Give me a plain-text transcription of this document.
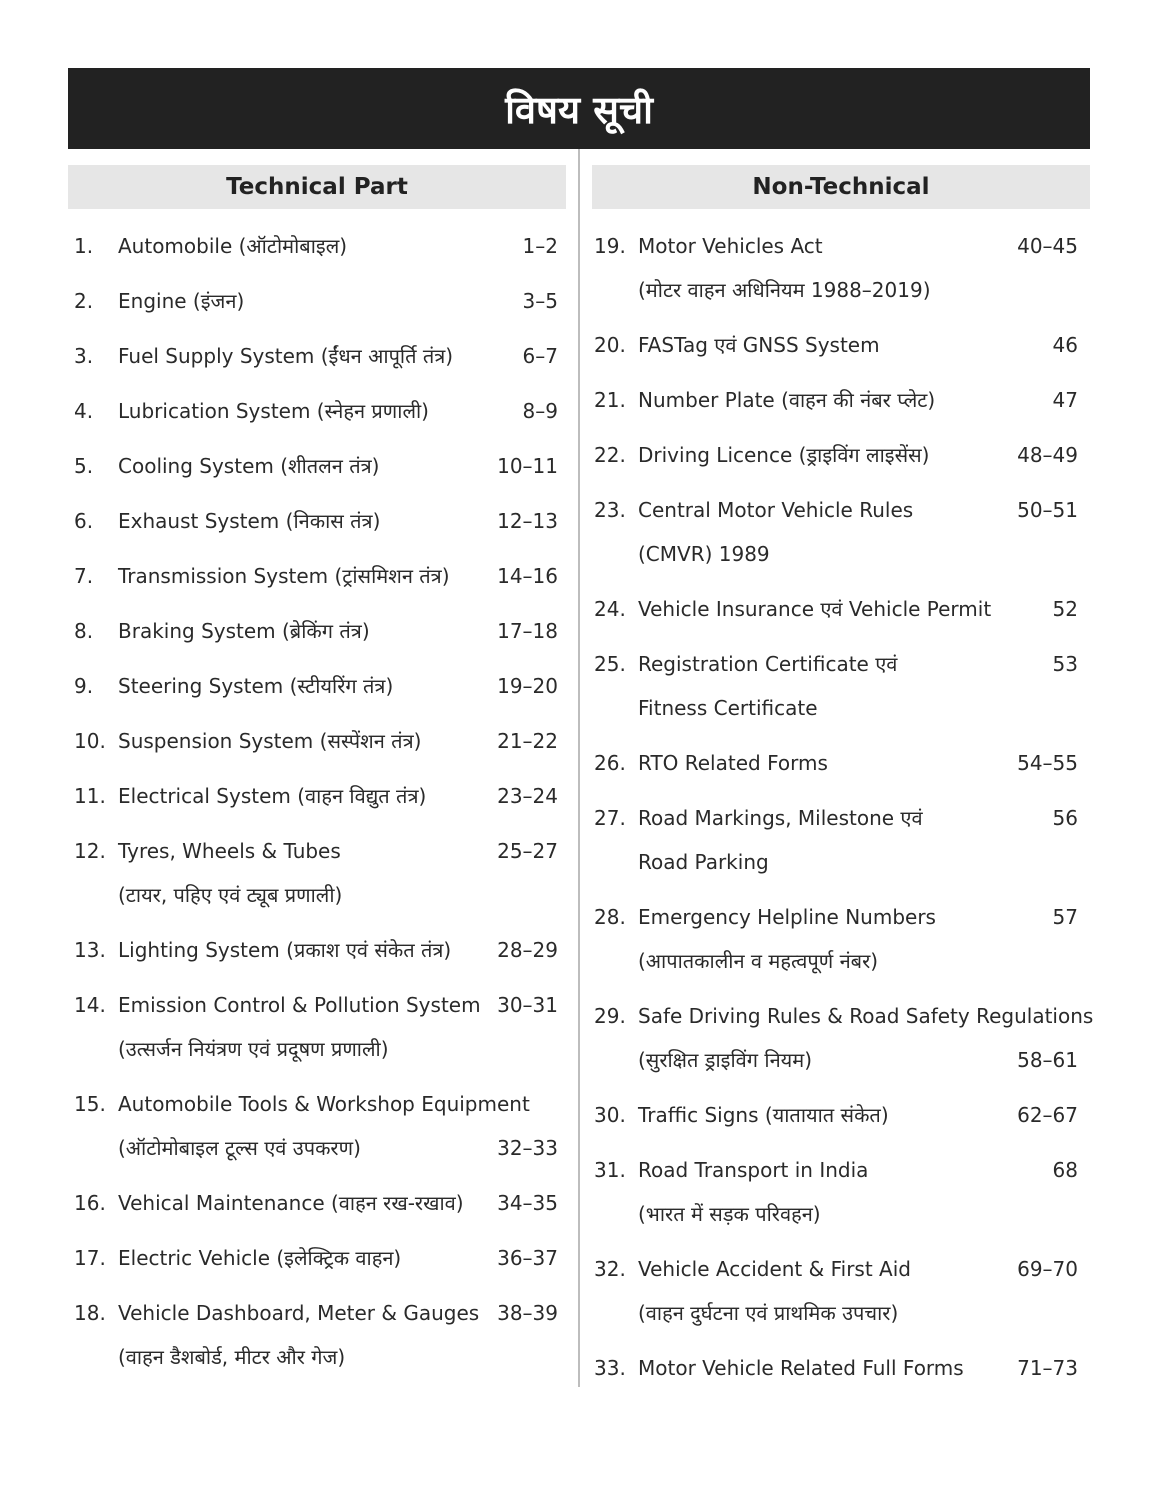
विषय सूची
Technical Part	Non-Technical
1. Automobile (ऑटोमोबाइल)	1–2
2. Engine (इंजन)	3–5
3. Fuel Supply System (ईंधन आपूर्ति तंत्र)	6–7
4. Lubrication System (स्नेहन प्रणाली)	8–9
5. Cooling System (शीतलन तंत्र)	10–11
6. Exhaust System (निकास तंत्र)	12–13
7. Transmission System (ट्रांसमिशन तंत्र) 14–16
8. Braking System (ब्रेकिंग तंत्र)	17–18
9. Steering System (स्टीयरिंग तंत्र)	19–20
10. Suspension System (सस्पेंशन तंत्र)	21–22
11. Electrical System (वाहन विद्युत तंत्र)	23–24
12. Tyres, Wheels & Tubes
(टायर, पहिए एवं ट्यूब प्रणाली)
25–27
13. Lighting System (प्रकाश एवं संकेत तंत्र) 28–29
14. Emission Control & Pollution System
(उत्सर्जन नियंत्रण एवं प्रदूषण प्रणाली)
30–31
15. Automobile Tools & Workshop Equipment
(ऑटोमोबाइल टूल्स एवं उपकरण)	32–33
16. Vehical Maintenance (वाहन रख-रखाव) 34–35
17. Electric Vehicle (इलेक्ट्रिक वाहन)	36–37
18. Vehicle Dashboard, Meter & Gauges
(वाहन डैशबोर्ड, मीटर और गेज)
38–39
19. Motor Vehicles Act
(मोटर वाहन अधिनियम 1988–2019)
40–45
20. FASTag एवं GNSS System	46
21. Number Plate (वाहन की नंबर प्लेट)	47
22. Driving Licence (ड्राइविंग लाइसेंस)	48–49
23. Central Motor Vehicle Rules
(CMVR) 1989
50–51
24. Vehicle Insurance एवं Vehicle Permit	52
25. Registration Certificate एवं
Fitness Certificate
53
26. RTO Related Forms	54–55
27. Road Markings, Milestone एवं
Road Parking
56
28. Emergency Helpline Numbers
(आपातकालीन व महत्वपूर्ण नंबर)
57
29. Safe Driving Rules & Road Safety Regulations
(सुरक्षित ड्राइविंग नियम)	58–61
30. Traffic Signs (यातायात संकेत)	62–67
31. Road Transport in India
(भारत में सड़क परिवहन)
68
32. Vehicle Accident & First Aid
(वाहन दुर्घटना एवं प्राथमिक उपचार)
69–70
33. Motor Vehicle Related Full Forms	71–73
